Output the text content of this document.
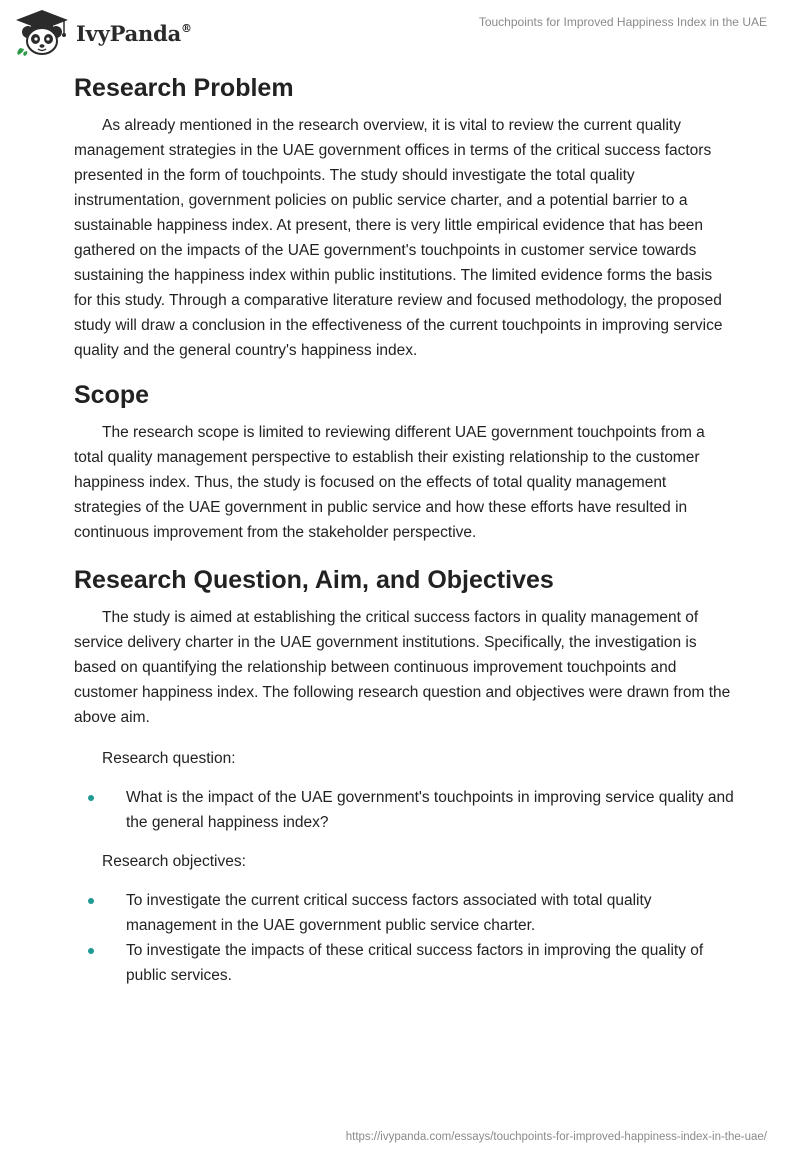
IvyPanda®	Touchpoints for Improved Happiness Index in the UAE
Research Problem

As already mentioned in the research overview, it is vital to review the current quality management strategies in the UAE government offices in terms of the critical success factors presented in the form of touchpoints. The study should investigate the total quality instrumentation, government policies on public service charter, and a potential barrier to a sustainable happiness index. At present, there is very little empirical evidence that has been gathered on the impacts of the UAE government's touchpoints in customer service towards sustaining the happiness index within public institutions. The limited evidence forms the basis for this study. Through a comparative literature review and focused methodology, the proposed study will draw a conclusion in the effectiveness of the current touchpoints in improving service quality and the general country's happiness index.

Scope

The research scope is limited to reviewing different UAE government touchpoints from a total quality management perspective to establish their existing relationship to the customer happiness index. Thus, the study is focused on the effects of total quality management strategies of the UAE government in public service and how these efforts have resulted in continuous improvement from the stakeholder perspective.

Research Question, Aim, and Objectives

The study is aimed at establishing the critical success factors in quality management of service delivery charter in the UAE government institutions. Specifically, the investigation is based on quantifying the relationship between continuous improvement touchpoints and customer happiness index. The following research question and objectives were drawn from the above aim.

Research question:

What is the impact of the UAE government's touchpoints in improving service quality and the general happiness index?

Research objectives:

To investigate the current critical success factors associated with total quality management in the UAE government public service charter.
To investigate the impacts of these critical success factors in improving the quality of public services.
https://ivypanda.com/essays/touchpoints-for-improved-happiness-index-in-the-uae/
